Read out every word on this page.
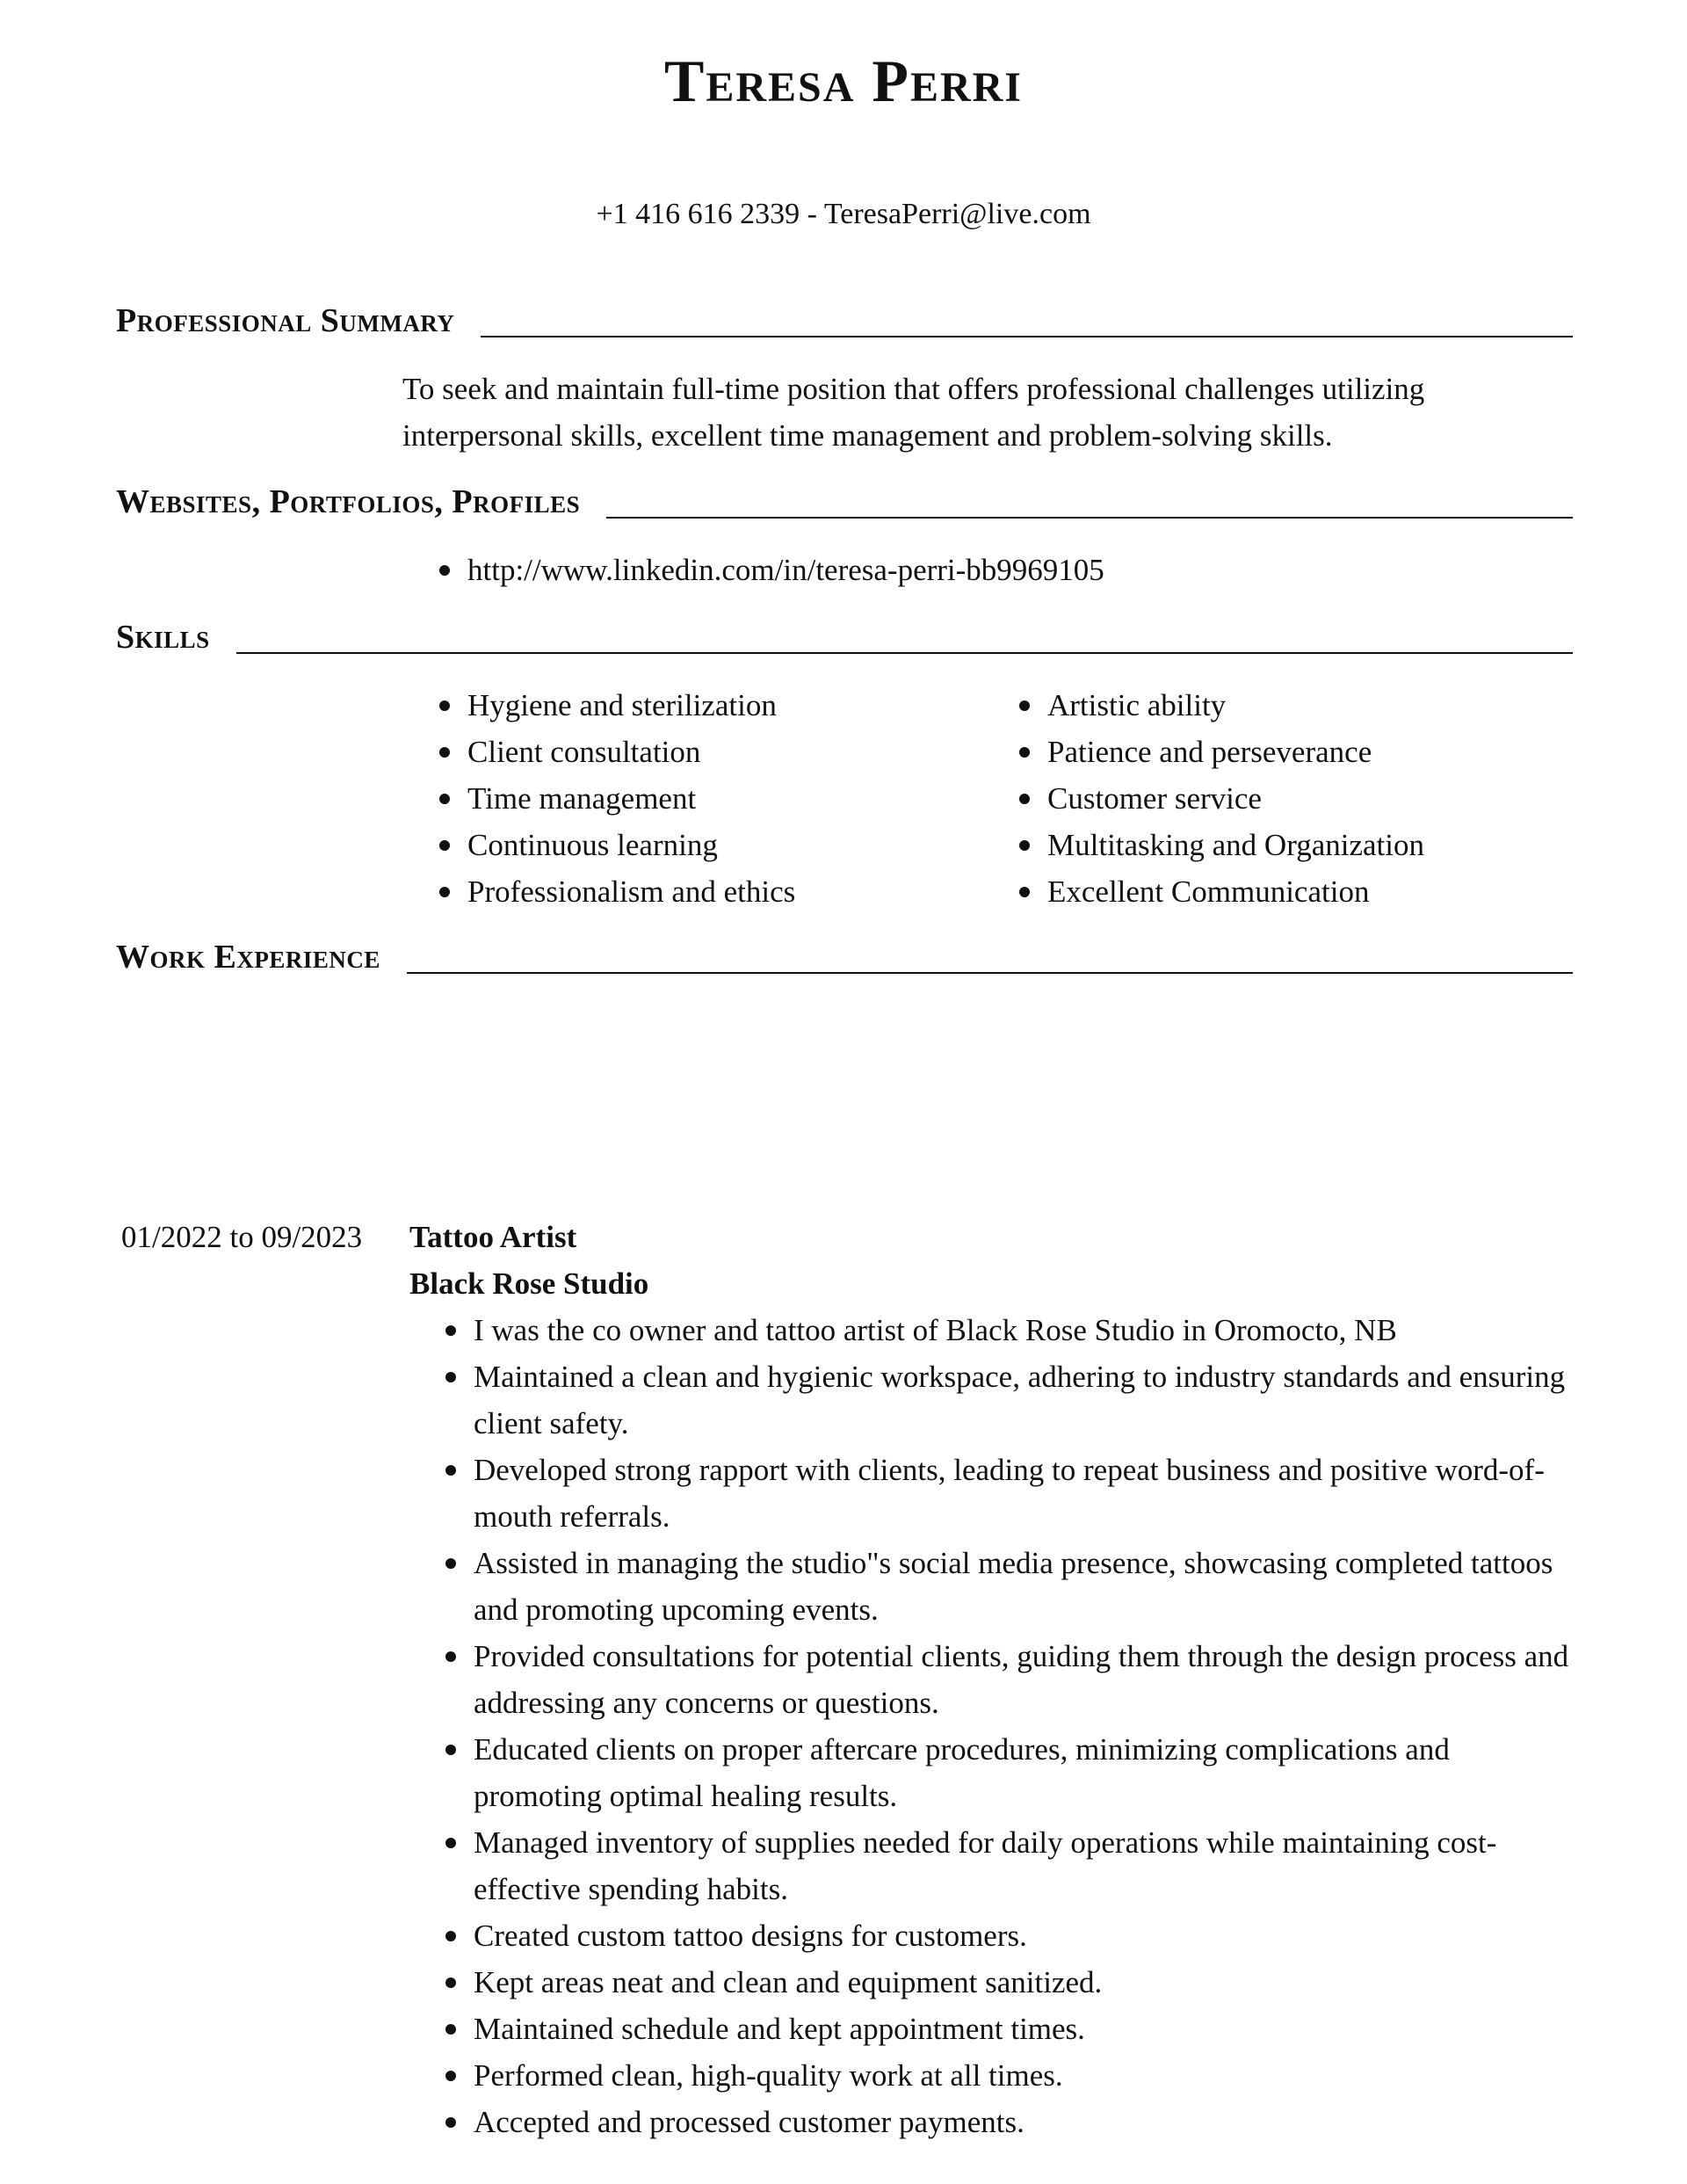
Teresa Perri
+1 416 616 2339 - TeresaPerri@live.com
Professional Summary
To seek and maintain full-time position that offers professional challenges utilizing interpersonal skills, excellent time management and problem-solving skills.
Websites, Portfolios, Profiles
http://www.linkedin.com/in/teresa-perri-bb9969105
Skills
Hygiene and sterilization
Client consultation
Time management
Continuous learning
Professionalism and ethics
Artistic ability
Patience and perseverance
Customer service
Multitasking and Organization
Excellent Communication
Work Experience
01/2022 to 09/2023 Tattoo Artist
Black Rose Studio
I was the co owner and tattoo artist of Black Rose Studio in Oromocto, NB
Maintained a clean and hygienic workspace, adhering to industry standards and ensuring client safety.
Developed strong rapport with clients, leading to repeat business and positive word-of-mouth referrals.
Assisted in managing the studio"s social media presence, showcasing completed tattoos and promoting upcoming events.
Provided consultations for potential clients, guiding them through the design process and addressing any concerns or questions.
Educated clients on proper aftercare procedures, minimizing complications and promoting optimal healing results.
Managed inventory of supplies needed for daily operations while maintaining cost-effective spending habits.
Created custom tattoo designs for customers.
Kept areas neat and clean and equipment sanitized.
Maintained schedule and kept appointment times.
Performed clean, high-quality work at all times.
Accepted and processed customer payments.
